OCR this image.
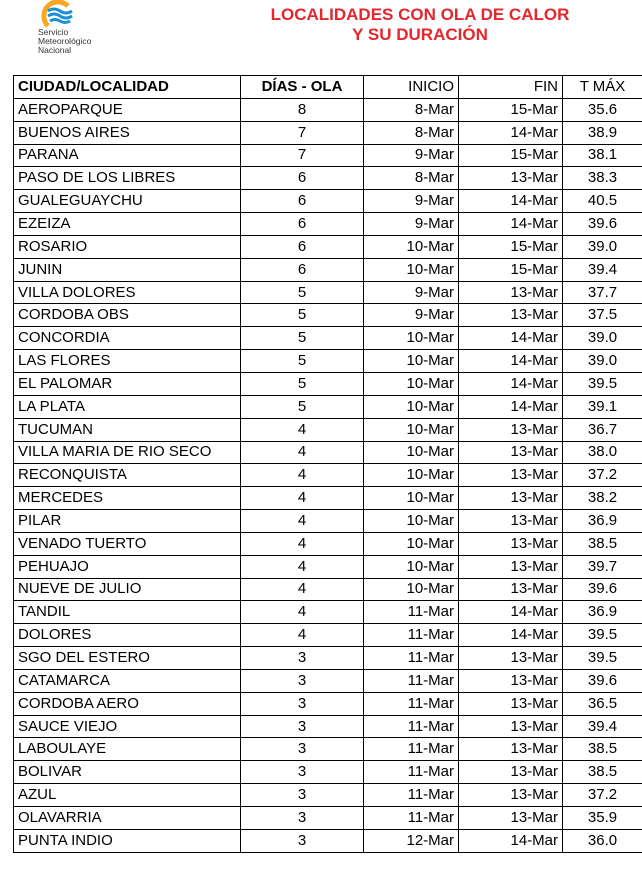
Servicio
Meteorológico
Nacional
LOCALIDADES CON OLA DE CALOR
Y SU DURACIÓN
CIUDAD/LOCALIDAD	DÍAS - OLA	INICIO	FIN	T MÁX
AEROPARQUE	8	8-Mar	15-Mar	35.6
BUENOS AIRES	7	8-Mar	14-Mar	38.9
PARANA	7	9-Mar	15-Mar	38.1
PASO DE LOS LIBRES	6	8-Mar	13-Mar	38.3
GUALEGUAYCHU	6	9-Mar	14-Mar	40.5
EZEIZA	6	9-Mar	14-Mar	39.6
ROSARIO	6	10-Mar	15-Mar	39.0
JUNIN	6	10-Mar	15-Mar	39.4
VILLA DOLORES	5	9-Mar	13-Mar	37.7
CORDOBA OBS	5	9-Mar	13-Mar	37.5
CONCORDIA	5	10-Mar	14-Mar	39.0
LAS FLORES	5	10-Mar	14-Mar	39.0
EL PALOMAR	5	10-Mar	14-Mar	39.5
LA PLATA	5	10-Mar	14-Mar	39.1
TUCUMAN	4	10-Mar	13-Mar	36.7
VILLA MARIA DE RIO SECO	4	10-Mar	13-Mar	38.0
RECONQUISTA	4	10-Mar	13-Mar	37.2
MERCEDES	4	10-Mar	13-Mar	38.2
PILAR	4	10-Mar	13-Mar	36.9
VENADO TUERTO	4	10-Mar	13-Mar	38.5
PEHUAJO	4	10-Mar	13-Mar	39.7
NUEVE DE JULIO	4	10-Mar	13-Mar	39.6
TANDIL	4	11-Mar	14-Mar	36.9
DOLORES	4	11-Mar	14-Mar	39.5
SGO DEL ESTERO	3	11-Mar	13-Mar	39.5
CATAMARCA	3	11-Mar	13-Mar	39.6
CORDOBA AERO	3	11-Mar	13-Mar	36.5
SAUCE VIEJO	3	11-Mar	13-Mar	39.4
LABOULAYE	3	11-Mar	13-Mar	38.5
BOLIVAR	3	11-Mar	13-Mar	38.5
AZUL	3	11-Mar	13-Mar	37.2
OLAVARRIA	3	11-Mar	13-Mar	35.9
PUNTA INDIO	3	12-Mar	14-Mar	36.0
